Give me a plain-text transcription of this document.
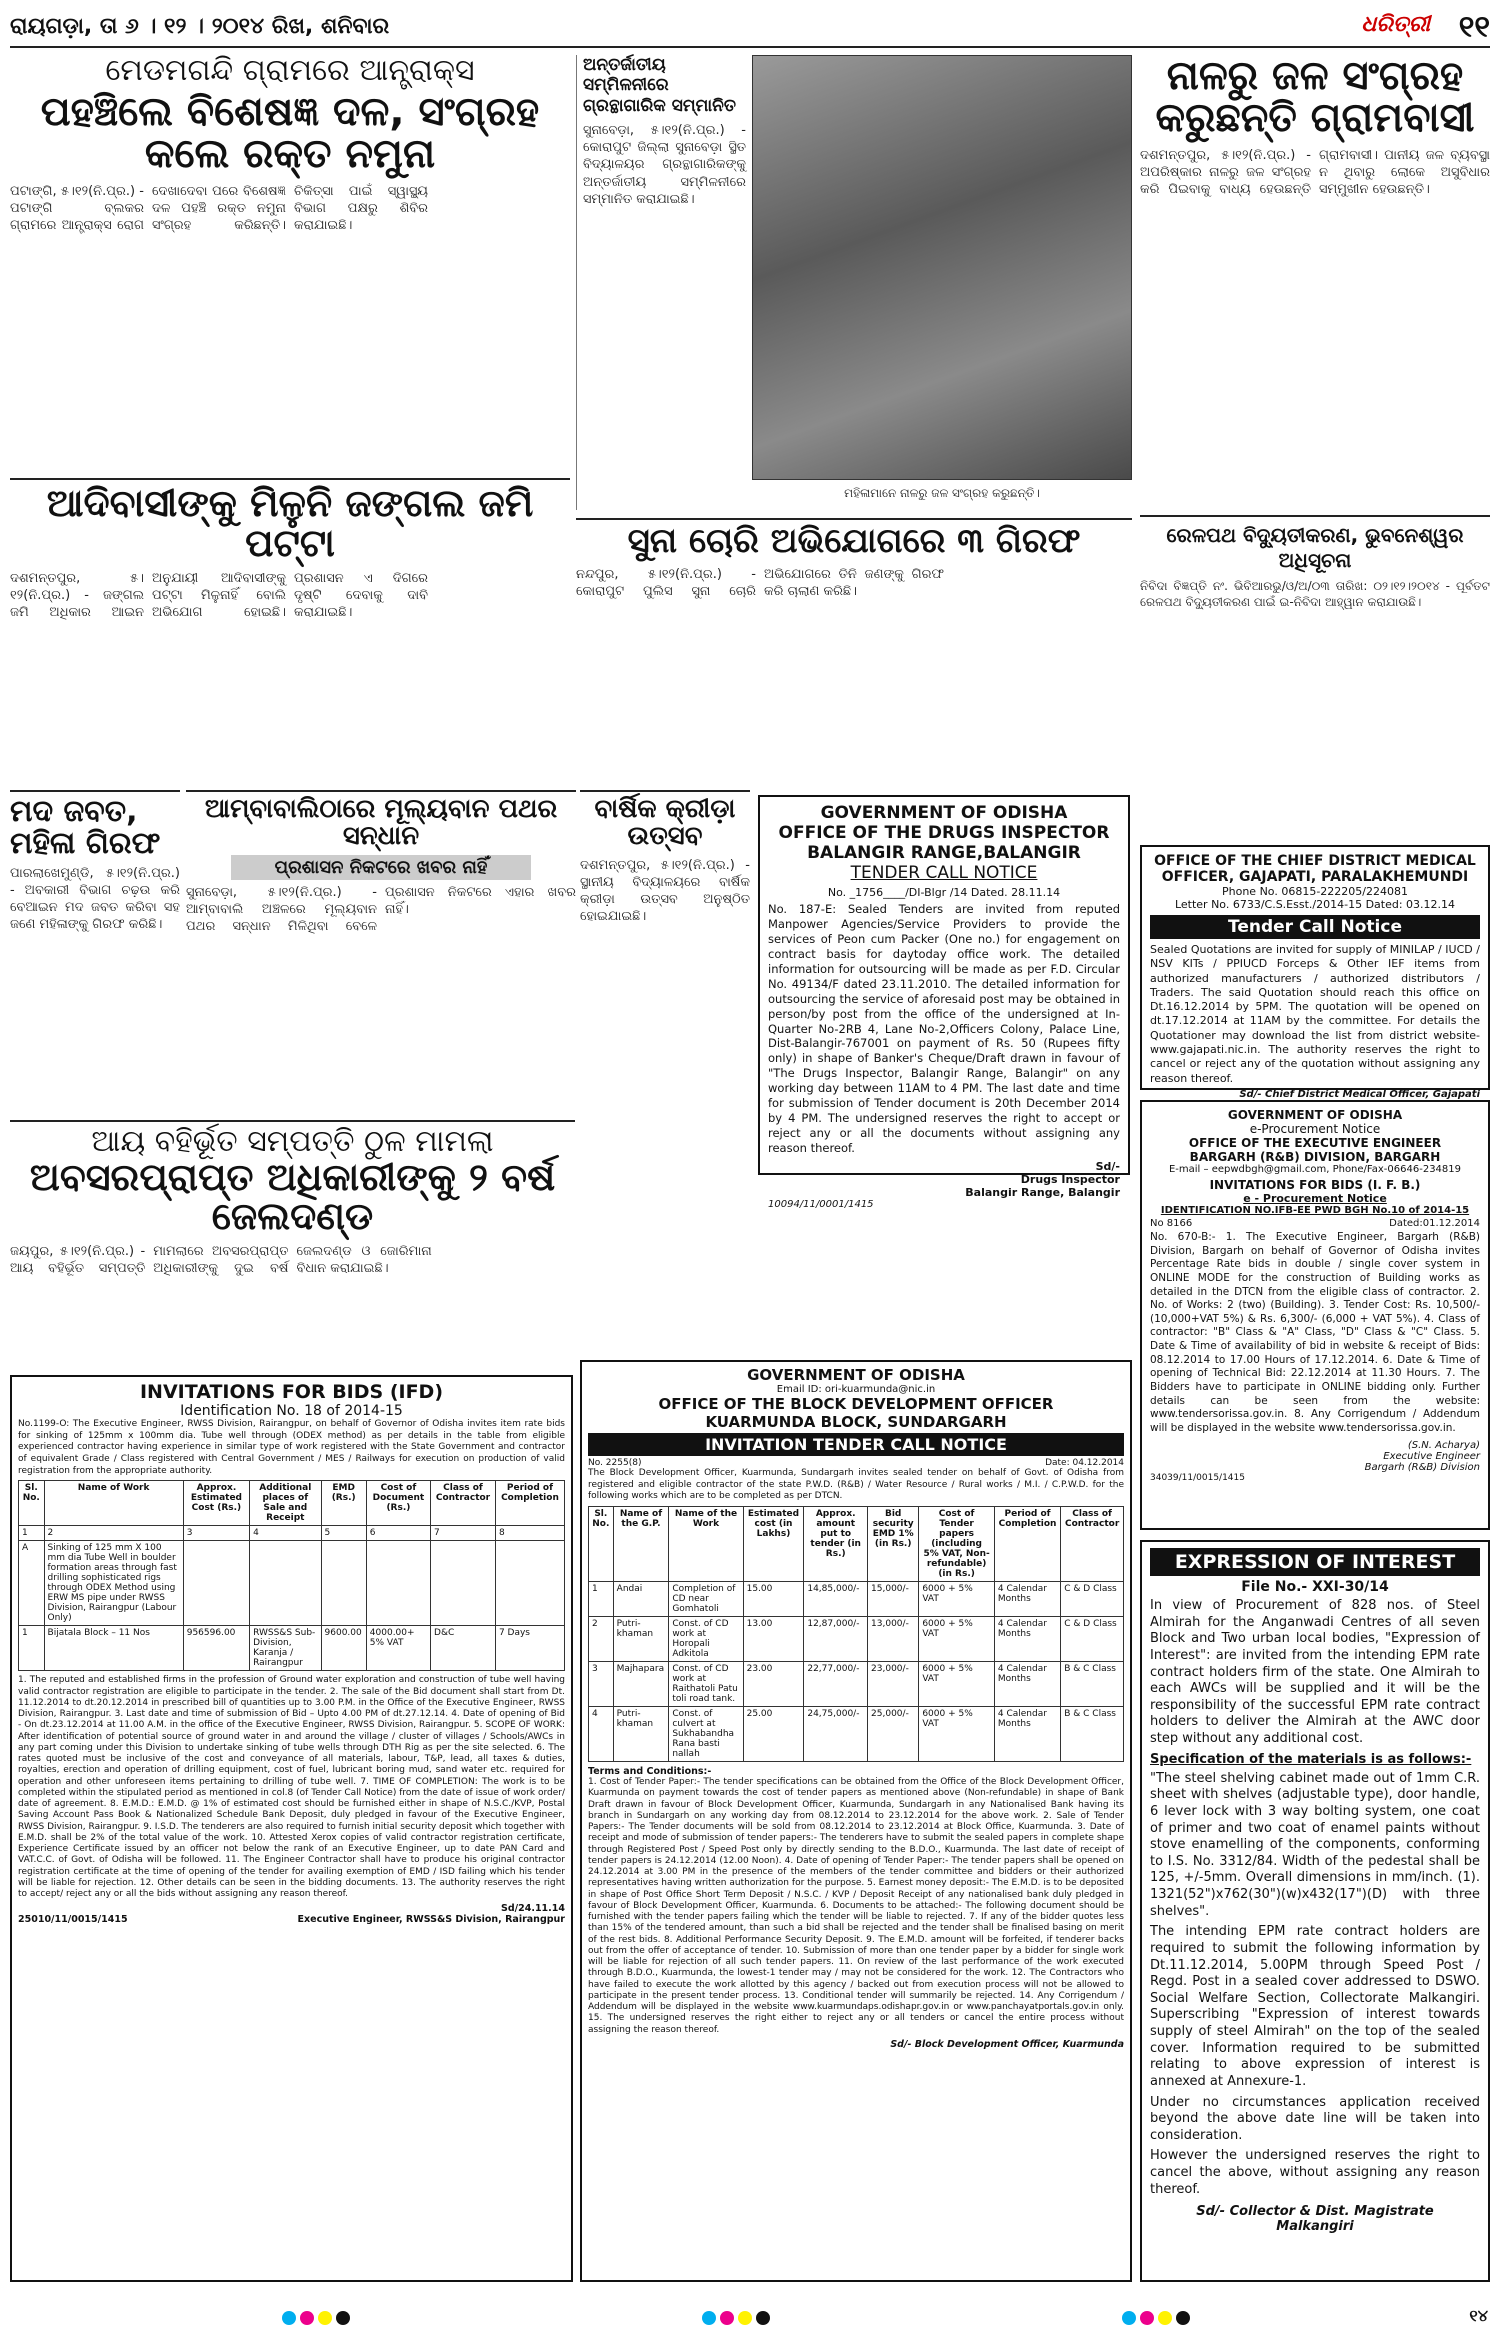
ରାୟଗଡ଼ା, ତା ୬ । ୧୨ । ୨୦୧୪ ରିଖ, ଶନିବାର	ଧରିତ୍ରୀ ୧୧
ମେଡମଗନ୍ଦି ଗ୍ରାମରେ ଆନ୍ତ୍ରାକ୍ସ
ପହଞ୍ଚିଲେ ବିଶେଷଜ୍ଞ ଦଳ, ସଂଗ୍ରହ କଲେ ରକ୍ତ ନମୁନା
ପଟାଙ୍ଗି, ୫।୧୨(ନି.ପ୍ର.) - ପଟାଙ୍ଗି ବ୍ଲକର ଗ୍ରାମରେ ଆନ୍ତ୍ରାକ୍ସ ରୋଗ ଦେଖାଦେବା ପରେ ବିଶେଷଜ୍ଞ ଦଳ ପହଞ୍ଚି ରକ୍ତ ନମୁନା ସଂଗ୍ରହ କରିଛନ୍ତି। ଚିକିତ୍ସା ପାଇଁ ସ୍ୱାସ୍ଥ୍ୟ ବିଭାଗ ପକ୍ଷରୁ ଶିବିର କରାଯାଇଛି।
ଅନ୍ତର୍ଜାତୀୟ ସମ୍ମିଳନୀରେ ଗ୍ରନ୍ଥାଗାରିକ ସମ୍ମାନିତ
ସୁନାବେଡ଼ା, ୫।୧୨(ନି.ପ୍ର.) - କୋରାପୁଟ ଜିଲ୍ଲା ସୁନାବେଡ଼ା ସ୍ଥିତ ବିଦ୍ୟାଳୟର ଗ୍ରନ୍ଥାଗାରିକଙ୍କୁ ଅନ୍ତର୍ଜାତୀୟ ସମ୍ମିଳନୀରେ ସମ୍ମାନିତ କରାଯାଇଛି।
ମହିଳାମାନେ ନାଳରୁ ଜଳ ସଂଗ୍ରହ କରୁଛନ୍ତି।
ନାଳରୁ ଜଳ ସଂଗ୍ରହ କରୁଛନ୍ତି ଗ୍ରାମବାସୀ
ଦଶମନ୍ତପୁର, ୫।୧୨(ନି.ପ୍ର.) - ଅପରିଷ୍କାର ନାଳରୁ ଜଳ ସଂଗ୍ରହ କରି ପିଇବାକୁ ବାଧ୍ୟ ହେଉଛନ୍ତି ଗ୍ରାମବାସୀ। ପାନୀୟ ଜଳ ବ୍ୟବସ୍ଥା ନ ଥିବାରୁ ଲୋକେ ଅସୁବିଧାର ସମ୍ମୁଖୀନ ହେଉଛନ୍ତି।
ଆଦିବାସୀଙ୍କୁ ମିଳୁନି ଜଙ୍ଗଲ ଜମି ପଟ୍ଟା
ଦଶମନ୍ତପୁର, ୫।୧୨(ନି.ପ୍ର.) - ଜଙ୍ଗଲ ଜମି ଅଧିକାର ଆଇନ ଅନୁଯାୟୀ ଆଦିବାସୀଙ୍କୁ ପଟ୍ଟା ମିଳୁନାହିଁ ବୋଲି ଅଭିଯୋଗ ହୋଇଛି। ପ୍ରଶାସନ ଏ ଦିଗରେ ଦୃଷ୍ଟି ଦେବାକୁ ଦାବି କରାଯାଇଛି।
ସୁନା ଚୋରି ଅଭିଯୋଗରେ ୩ ଗିରଫ
ନନ୍ଦପୁର, ୫।୧୨(ନି.ପ୍ର.) - କୋରାପୁଟ ପୁଲିସ ସୁନା ଚୋରି ଅଭିଯୋଗରେ ତିନି ଜଣଙ୍କୁ ଗିରଫ କରି ଚାଲାଣ କରିଛି।
ରେଳପଥ ବିଦ୍ୟୁତୀକରଣ, ଭୁବନେଶ୍ୱର ଅଧିସୂଚନା
ନିବିଦା ବିଜ୍ଞପ୍ତି ନଂ. ଭିବିଆରଭୁ/ଓ/ଅ/୦୩ ତାରିଖ: ୦୨।୧୨।୨୦୧୪ - ପୂର୍ବତଟ ରେଳପଥ ବିଦ୍ୟୁତୀକରଣ ପାଇଁ ଇ-ନିବିଦା ଆହ୍ୱାନ କରାଯାଉଛି।
ମଦ ଜବତ, ମହିଳା ଗିରଫ
ପାରଲାଖେମୁଣ୍ଡି, ୫।୧୨(ନି.ପ୍ର.) - ଅବକାରୀ ବିଭାଗ ଚଢ଼ଉ କରି ବେଆଇନ ମଦ ଜବତ କରିବା ସହ ଜଣେ ମହିଳାଙ୍କୁ ଗିରଫ କରିଛି।
ଆମ୍ବାବାଲିଠାରେ ମୂଲ୍ୟବାନ ପଥର ସନ୍ଧାନ
ପ୍ରଶାସନ ନିକଟରେ ଖବର ନାହିଁ
ସୁନାବେଡ଼ା, ୫।୧୨(ନି.ପ୍ର.) - ଆମ୍ବାବାଲି ଅଞ୍ଚଳରେ ମୂଲ୍ୟବାନ ପଥର ସନ୍ଧାନ ମିଳିଥିବା ବେଳେ ପ୍ରଶାସନ ନିକଟରେ ଏହାର ଖବର ନାହିଁ।
ବାର୍ଷିକ କ୍ରୀଡ଼ା ଉତ୍ସବ
ଦଶମନ୍ତପୁର, ୫।୧୨(ନି.ପ୍ର.) - ସ୍ଥାନୀୟ ବିଦ୍ୟାଳୟରେ ବାର୍ଷିକ କ୍ରୀଡ଼ା ଉତ୍ସବ ଅନୁଷ୍ଠିତ ହୋଇଯାଇଛି।
GOVERNMENT OF ODISHA
OFFICE OF THE DRUGS INSPECTOR
BALANGIR RANGE,BALANGIR
TENDER CALL NOTICE
No. _1756____/DI-Blgr /14 Dated. 28.11.14
No. 187-E: Sealed Tenders are invited from reputed Manpower Agencies/Service Providers to provide the services of Peon cum Packer (One no.) for engagement on contract basis for daytoday office work. The detailed information for outsourcing will be made as per F.D. Circular No. 49134/F dated 23.11.2010. The detailed information for outsourcing the service of aforesaid post may be obtained in person/by post from the office of the undersigned at In-Quarter No-2RB 4, Lane No-2,Officers Colony, Palace Line, Dist-Balangir-767001 on payment of Rs. 50 (Rupees fifty only) in shape of Banker's Cheque/Draft drawn in favour of "The Drugs Inspector, Balangir Range, Balangir" on any working day between 11AM to 4 PM. The last date and time for submission of Tender document is 20th December 2014 by 4 PM. The undersigned reserves the right to accept or reject any or all the documents without assigning any reason thereof.
Sd/-
Drugs Inspector
Balangir Range, Balangir
10094/11/0001/1415
OFFICE OF THE CHIEF DISTRICT MEDICAL
OFFICER, GAJAPATI, PARALAKHEMUNDI
Phone No. 06815-222205/224081
Letter No. 6733/C.S.Esst./2014-15 Dated: 03.12.14
Tender Call Notice
Sealed Quotations are invited for supply of MINILAP / IUCD / NSV KITs / PPIUCD Forceps & Other IEF items from authorized manufacturers / authorized distributors / Traders. The said Quotation should reach this office on Dt.16.12.2014 by 5PM. The quotation will be opened on dt.17.12.2014 at 11AM by the committee. For details the Quotationer may download the list from district website- www.gajapati.nic.in. The authority reserves the right to cancel or reject any of the quotation without assigning any reason thereof.
Sd/- Chief District Medical Officer, Gajapati
GOVERNMENT OF ODISHA
e-Procurement Notice
OFFICE OF THE EXECUTIVE ENGINEER
BARGARH (R&B) DIVISION, BARGARH
E-mail – eepwdbgh@gmail.com, Phone/Fax-06646-234819
INVITATIONS FOR BIDS (I. F. B.)
e - Procurement Notice
IDENTIFICATION NO.IFB-EE PWD BGH No.10 of 2014-15
No 8166	Dated:01.12.2014
No. 670-B:- 1. The Executive Engineer, Bargarh (R&B) Division, Bargarh on behalf of Governor of Odisha invites Percentage Rate bids in double / single cover system in ONLINE MODE for the construction of Building works as detailed in the DTCN from the eligible class of contractor. 2. No. of Works: 2 (two) (Building). 3. Tender Cost: Rs. 10,500/- (10,000+VAT 5%) & Rs. 6,300/- (6,000 + VAT 5%). 4. Class of contractor: "B" Class & "A" Class, "D" Class & "C" Class. 5. Date & Time of availability of bid in website & receipt of Bids: 08.12.2014 to 17.00 Hours of 17.12.2014. 6. Date & Time of opening of Technical Bid: 22.12.2014 at 11.30 Hours. 7. The Bidders have to participate in ONLINE bidding only. Further details can be seen from the website: www.tendersorissa.gov.in. 8. Any Corrigendum / Addendum will be displayed in the website www.tendersorissa.gov.in.
(S.N. Acharya)
Executive Engineer
Bargarh (R&B) Division
34039/11/0015/1415
ଆୟ ବହିର୍ଭୂତ ସମ୍ପତ୍ତି ଠୁଳ ମାମଲା
ଅବସରପ୍ରାପ୍ତ ଅଧିକାରୀଙ୍କୁ ୨ ବର୍ଷ ଜେଲଦଣ୍ଡ
ଜୟପୁର, ୫।୧୨(ନି.ପ୍ର.) - ଆୟ ବହିର୍ଭୂତ ସମ୍ପତ୍ତି ମାମଲାରେ ଅବସରପ୍ରାପ୍ତ ଅଧିକାରୀଙ୍କୁ ଦୁଇ ବର୍ଷ ଜେଲଦଣ୍ଡ ଓ ଜୋରିମାନା ବିଧାନ କରାଯାଇଛି।
GOVERNMENT OF ODISHA
Email ID: ori-kuarmunda@nic.in
OFFICE OF THE BLOCK DEVELOPMENT OFFICER
KUARMUNDA BLOCK, SUNDARGARH
INVITATION TENDER CALL NOTICE
No. 2255(8)	Date: 04.12.2014
The Block Development Officer, Kuarmunda, Sundargarh invites sealed tender on behalf of Govt. of Odisha from registered and eligible contractor of the state P.W.D. (R&B) / Water Resource / Rural works / M.I. / C.P.W.D. for the following works which are to be completed as per DTCN.
Sl. No.	Name of the G.P.	Name of the Work	Estimated cost (in Lakhs)	Approx. amount put to tender (in Rs.)	Bid security EMD 1% (in Rs.)	Cost of Tender papers (including 5% VAT, Non-refundable) (in Rs.)	Period of Completion	Class of Contractor
1	Andai	Completion of CD near Gomhatoli	15.00	14,85,000/-	15,000/-	6000 + 5% VAT	4 Calendar Months	C & D Class
2	Putri-khaman	Const. of CD work at Horopali Adkitola	13.00	12,87,000/-	13,000/-	6000 + 5% VAT	4 Calendar Months	C & D Class
3	Majhapara	Const. of CD work at Raithatoli Patu toli road tank.	23.00	22,77,000/-	23,000/-	6000 + 5% VAT	4 Calendar Months	B & C Class
4	Putri-khaman	Const. of culvert at Sukhabandha Rana basti nallah	25.00	24,75,000/-	25,000/-	6000 + 5% VAT	4 Calendar Months	B & C Class
Terms and Conditions:-
1. Cost of Tender Paper:- The tender specifications can be obtained from the Office of the Block Development Officer, Kuarmunda on payment towards the cost of tender papers as mentioned above (Non-refundable) in shape of Bank Draft drawn in favour of Block Development Officer, Kuarmunda, Sundargarh in any Nationalised Bank having its branch in Sundargarh on any working day from 08.12.2014 to 23.12.2014 for the above work. 2. Sale of Tender Papers:- The Tender documents will be sold from 08.12.2014 to 23.12.2014 at Block Office, Kuarmunda. 3. Date of receipt and mode of submission of tender papers:- The tenderers have to submit the sealed papers in complete shape through Registered Post / Speed Post only by directly sending to the B.D.O., Kuarmunda. The last date of receipt of tender papers is 24.12.2014 (12.00 Noon). 4. Date of opening of Tender Paper:- The tender papers shall be opened on 24.12.2014 at 3.00 PM in the presence of the members of the tender committee and bidders or their authorized representatives having written authorization for the purpose. 5. Earnest money deposit:- The E.M.D. is to be deposited in shape of Post Office Short Term Deposit / N.S.C. / KVP / Deposit Receipt of any nationalised bank duly pledged in favour of Block Development Officer, Kuarmunda. 6. Documents to be attached:- The following document should be furnished with the tender papers failing which the tender will be liable to rejected. 7. If any of the bidder quotes less than 15% of the tendered amount, than such a bid shall be rejected and the tender shall be finalised basing on merit of the rest bids. 8. Additional Performance Security Deposit. 9. The E.M.D. amount will be forfeited, if tenderer backs out from the offer of acceptance of tender. 10. Submission of more than one tender paper by a bidder for single work will be liable for rejection of all such tender papers. 11. On review of the last performance of the work executed through B.D.O., Kuarmunda, the lowest-1 tender may / may not be considered for the work. 12. The Contractors who have failed to execute the work allotted by this agency / backed out from execution process will not be allowed to participate in the present tender process. 13. Conditional tender will summarily be rejected. 14. Any Corrigendum / Addendum will be displayed in the website www.kuarmundaps.odishapr.gov.in or www.panchayatportals.gov.in only. 15. The undersigned reserves the right either to reject any or all tenders or cancel the entire process without assigning the reason thereof.
Sd/- Block Development Officer, Kuarmunda
INVITATIONS FOR BIDS (IFD)
Identification No. 18 of 2014-15
No.1199-O: The Executive Engineer, RWSS Division, Rairangpur, on behalf of Governor of Odisha invites item rate bids for sinking of 125mm x 100mm dia. Tube well through (ODEX method) as per details in the table from eligible experienced contractor having experience in similar type of work registered with the State Government and contractor of equivalent Grade / Class registered with Central Government / MES / Railways for execution on production of valid registration from the appropriate authority.
Sl. No.	Name of Work	Approx. Estimated Cost (Rs.)	Additional places of Sale and Receipt	EMD (Rs.)	Cost of Document (Rs.)	Class of Contractor	Period of Completion
1	2	3	4	5	6	7	8
A	Sinking of 125 mm X 100 mm dia Tube Well in boulder formation areas through fast drilling sophisticated rigs through ODEX Method using ERW MS pipe under RWSS Division, Rairangpur (Labour Only)						
1	Bijatala Block – 11 Nos	956596.00	RWSS&S Sub-Division, Karanja / Rairangpur	9600.00	4000.00+ 5% VAT	D&C	7 Days
1. The reputed and established firms in the profession of Ground water exploration and construction of tube well having valid contractor registration are eligible to participate in the tender. 2. The sale of the Bid document shall start from Dt. 11.12.2014 to dt.20.12.2014 in prescribed bill of quantities up to 3.00 P.M. in the Office of the Executive Engineer, RWSS Division, Rairangpur. 3. Last date and time of submission of Bid – Upto 4.00 PM of dt.27.12.14. 4. Date of opening of Bid - On dt.23.12.2014 at 11.00 A.M. in the office of the Executive Engineer, RWSS Division, Rairangpur. 5. SCOPE OF WORK: After identification of potential source of ground water in and around the village / cluster of villages / Schools/AWCs in any part coming under this Division to undertake sinking of tube wells through DTH Rig as per the site selected. 6. The rates quoted must be inclusive of the cost and conveyance of all materials, labour, T&P, lead, all taxes & duties, royalties, erection and operation of drilling equipment, cost of fuel, lubricant boring mud, sand water etc. required for operation and other unforeseen items pertaining to drilling of tube well. 7. TIME OF COMPLETION: The work is to be completed within the stipulated period as mentioned in col.8 (of Tender Call Notice) from the date of issue of work order/ date of agreement. 8. E.M.D.: E.M.D. @ 1% of estimated cost should be furnished either in shape of N.S.C./KVP, Postal Saving Account Pass Book & Nationalized Schedule Bank Deposit, duly pledged in favour of the Executive Engineer, RWSS Division, Rairangpur. 9. I.S.D. The tenderers are also required to furnish initial security deposit which together with E.M.D. shall be 2% of the total value of the work. 10. Attested Xerox copies of valid contractor registration certificate, Experience Certificate issued by an officer not below the rank of an Executive Engineer, up to date PAN Card and VAT.C.C. of Govt. of Odisha will be followed. 11. The Engineer Contractor shall have to produce his original contractor registration certificate at the time of opening of the tender for availing exemption of EMD / ISD failing which his tender will be liable for rejection. 12. Other details can be seen in the bidding documents. 13. The authority reserves the right to accept/ reject any or all the bids without assigning any reason thereof.
Sd/24.11.14
25010/11/0015/1415	Executive Engineer, RWSS&S Division, Rairangpur
EXPRESSION OF INTEREST
File No.- XXI-30/14
In view of Procurement of 828 nos. of Steel Almirah for the Anganwadi Centres of all seven Block and Two urban local bodies, "Expression of Interest": are invited from the intending EPM rate contract holders firm of the state. One Almirah to each AWCs will be supplied and it will be the responsibility of the successful EPM rate contract holders to deliver the Almirah at the AWC door step without any additional cost.
Specification of the materials is as follows:-
"The steel shelving cabinet made out of 1mm C.R. sheet with shelves (adjustable type), door handle, 6 lever lock with 3 way bolting system, one coat of primer and two coat of enamel paints without stove enamelling of the components, conforming to I.S. No. 3312/84. Width of the pedestal shall be 125, +/-5mm. Overall dimensions in mm/inch. (1). 1321(52")x762(30")(w)x432(17")(D) with three shelves".
The intending EPM rate contract holders are required to submit the following information by Dt.11.12.2014, 5.00PM through Speed Post / Regd. Post in a sealed cover addressed to DSWO. Social Welfare Section, Collectorate Malkangiri. Superscribing "Expression of interest towards supply of steel Almirah" on the top of the sealed cover. Information required to be submitted relating to above expression of interest is annexed at Annexure-1.
Under no circumstances application received beyond the above date line will be taken into consideration.
However the undersigned reserves the right to cancel the above, without assigning any reason thereof.
Sd/- Collector & Dist. Magistrate
Malkangiri
୧୪
